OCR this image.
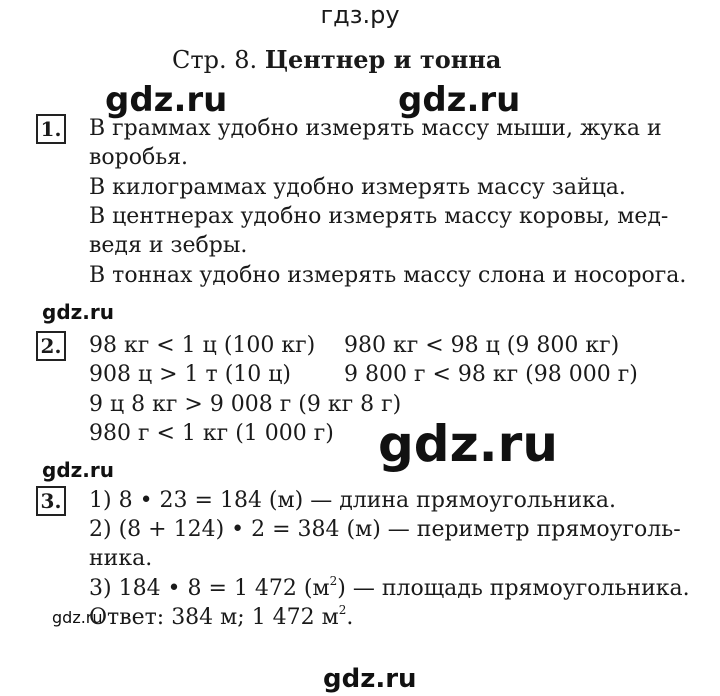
гдз.ру
Стр. 8. Центнер и тонна
gdz.ru	gdz.ru
gdz.ru
gdz.ru
gdz.ru
gdz.ru
gdz.ru
1. В граммах удобно измерять массу мыши, жука и
воробья.
В килограммах удобно измерять массу зайца.
В центнерах удобно измерять массу коровы, мед-
ведя и зебры.
В тоннах удобно измерять массу слона и носорога.
2. 98 кг < 1 ц (100 кг)
908 ц > 1 т (10 ц)
9 ц 8 кг > 9 008 г (9 кг 8 г)
980 г < 1 кг (1 000 г)
980 кг < 98 ц (9 800 кг)
9 800 г < 98 кг (98 000 г)
3. 1) 8 • 23 = 184 (м) — длина прямоугольника.
2) (8 + 124) • 2 = 384 (м) — периметр прямоуголь-
ника.
3) 184 • 8 = 1 472 $(м^2)$ — площадь прямоугольника.
Ответ: 384 м; 1 472 $м^2$.
